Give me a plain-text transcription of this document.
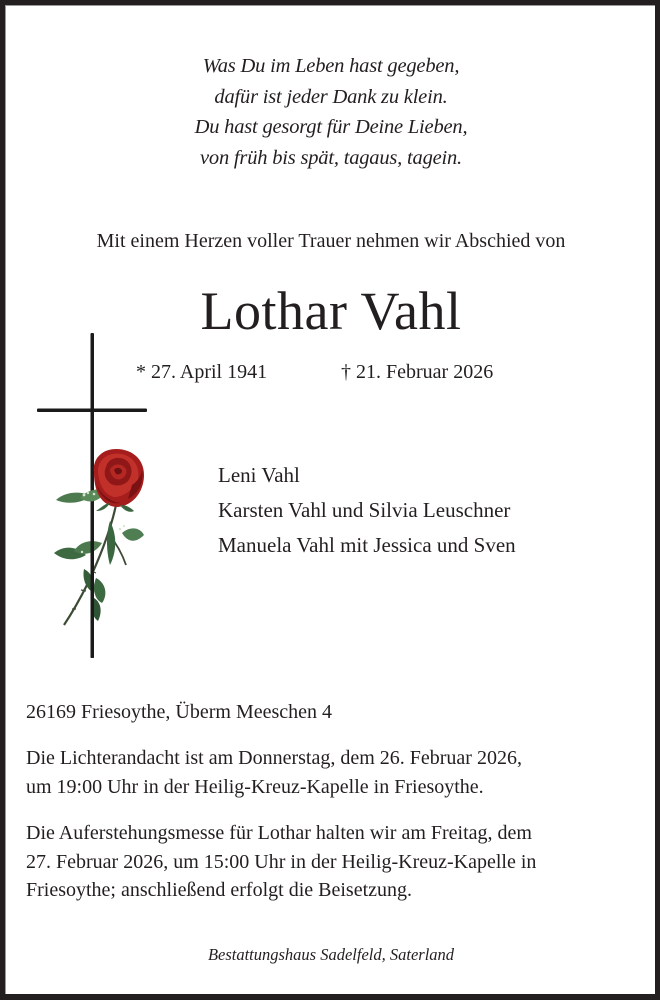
Was Du im Leben hast gegeben,
dafür ist jeder Dank zu klein.
Du hast gesorgt für Deine Lieben,
von früh bis spät, tagaus, tagein.
Mit einem Herzen voller Trauer nehmen wir Abschied von
Lothar Vahl
* 27. April 1941	† 21. Februar 2026
Leni Vahl
Karsten Vahl und Silvia Leuschner
Manuela Vahl mit Jessica und Sven
26169 Friesoythe, Überm Meeschen 4
Die Lichterandacht ist am Donnerstag, dem 26. Februar 2026,
um 19:00 Uhr in der Heilig-Kreuz-Kapelle in Friesoythe.
Die Auferstehungsmesse für Lothar halten wir am Freitag, dem
27. Februar 2026, um 15:00 Uhr in der Heilig-Kreuz-Kapelle in
Friesoythe; anschließend erfolgt die Beisetzung.
Bestattungshaus Sadelfeld, Saterland
